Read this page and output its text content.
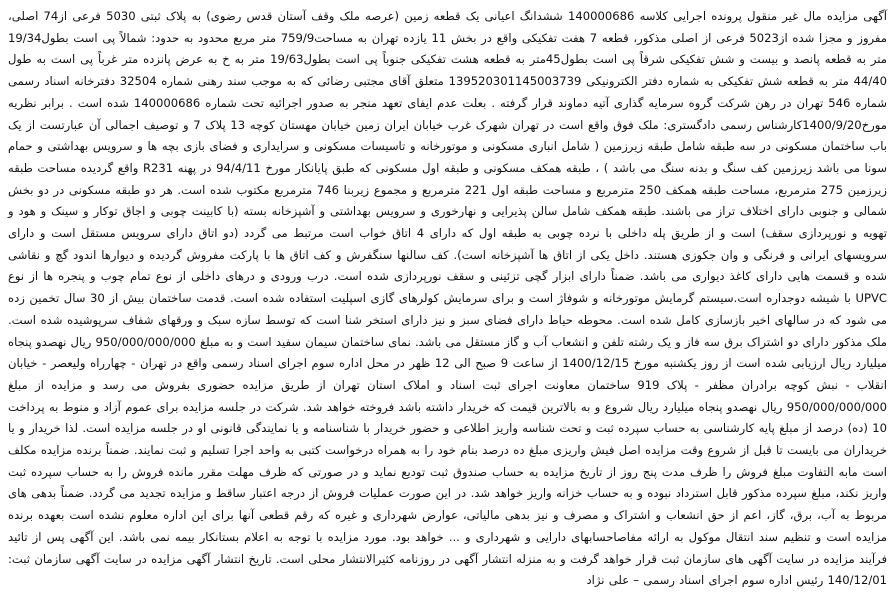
آگهی مزایده مال غیر منقول پرونده اجرایی کلاسه 140000686 ششدانگ اعیانی یک قطعه زمین (عرصه ملک وقف آستان قدس رضوی) به پلاک ثبتی 5030 فرعی از74 اصلی، مفروز و مجزا شده از5023 فرعی از اصلی مذکور، قطعه 7 هفت تفکیکی واقع در بخش 11 یازده تهران به مساحت759/9 متر مربع محدود به حدود: شمالاً پی است بطول19/34 متر به قطعه پانصد و بیست و شش تفکیکی شرقاً پی است بطول45متر به قطعه هشت تفکیکی جنوباً پی است بطول19/63 متر به خ به عرض پانزده متر غرباً پی است به طول 44/40 متر به قطعه شش تفکیکی به شماره دفتر الکترونیکی 139520301145003739 متعلق آقای مجتبی رضائی که به موجب سند رهنی شماره 32504 دفترخانه اسناد رسمی شماره 546 تهران در رهن شرکت گروه سرمایه گذاری آتیه دماوند قرار گرفته . بعلت عدم ایفای تعهد منجر به صدور اجرائیه تحت شماره 140000686 شده است . برابر نظریه مورخ1400/9/20کارشناس رسمی دادگستری: ملک فوق واقع است در تهران شهرک غرب خیابان ایران زمین خیابان مهستان کوچه 13 پلاک 7 و توصیف اجمالی آن عبارتست از یک باب ساختمان مسکونی در سه طبقه شامل طبقه زیرزمین ( شامل انباری مسکونی و موتورخانه و تاسیسات مسکونی و سرایداری و فضای بازی بچه ها و سرویس بهداشتی و حمام سونا می باشد زیرزمین کف سنگ و بدنه سنگ می باشد ) ، طبقه همکف مسکونی و طبقه اول مسکونی که طبق پایانکار مورخ 94/4/11 در پهنه R231 واقع گردیده مساحت طبقه زیرزمین 275 مترمربع، مساحت طبقه همکف 250 مترمربع و مساحت طبقه اول 221 مترمربع و مجموع زیربنا 746 مترمربع مکتوب شده است. هر دو طبقه مسکونی در دو بخش شمالی و جنوبی دارای اختلاف تراز می باشند. طبقه همکف شامل سالن پذیرایی و نهارخوری و سرویس بهداشتی و آشپزخانه بسته (با کابینت چوبی و اجاق توکار و سینک و هود و تهویه و نورپردازی سقف) است و از طریق پله داخلی با نرده چوبی به طبقه اول که دارای 4 اتاق خواب است مرتبط می گردد (دو اتاق دارای سرویس مستقل است و دارای سرویسهای ایرانی و فرنگی و وان جکوزی هستند. داخل یکی از اتاق ها آشپزخانه است). کف سالنها سنگفرش و کف اتاق ها با پارکت مفروش گردیده و دیوارها اندود گچ و نقاشی شده و قسمت هایی دارای کاغذ دیواری می باشد. ضمناً دارای ابزار گچی تزئینی و سقف نورپردازی شده است. درب ورودی و درهای داخلی از نوع تمام چوب و پنجره ها از نوع UPVC با شیشه دوجداره است.سیستم گرمایش موتورخانه و شوفاژ است و برای سرمایش کولرهای گازی اسپلیت استفاده شده است. قدمت ساختمان بیش از 30 سال تخمین زده می شود که در سالهای اخیر بازسازی کامل شده است. محوطه حیاط دارای فضای سبز و نیز دارای استخر شنا است که توسط سازه سبک و ورقهای شفاف سرپوشیده شده است. ملک مذکور دارای دو اشتراک برق سه فاز و یک رشته تلفن و انشعاب آب و گاز مستقل می باشد. نمای ساختمان سیمان سفید است و به مبلغ 950/000/000/000 ریال نهصدو پنجاه میلیارد ریال ارزیابی شده است از روز یکشنبه مورخ 1400/12/15 از ساعت 9 صبح الی 12 ظهر در محل اداره سوم اجرای اسناد رسمی واقع در تهران - چهارراه ولیعصر - خیابان انقلاب - نبش کوچه برادران مظفر - پلاک 919 ساختمان معاونت اجرای ثبت اسناد و املاک استان تهران از طریق مزایده حضوری بفروش می رسد و مزایده از مبلغ 950/000/000/000 ریال نهصدو پنجاه میلیارد ریال شروع و به بالاترین قیمت که خریدار داشته باشد فروخته خواهد شد. شرکت در جلسه مزایده برای عموم آزاد و منوط به پرداخت 10 (ده) درصد از مبلغ پایه کارشناسی به حساب سپرده ثبت و تحت شناسه واریز اطلاعی و حضور خریدار با شناسنامه و یا نمایندگی قانونی او در جلسه مزایده است. لذا خریدار و یا خریداران می بایست تا قبل از شروع وقت مزایده اصل فیش واریزی مبلغ ده درصد بنام خود را به همراه درخواست کتبی به واحد اجرا تسلیم و ثبت نمایند. ضمناً برنده مزایده مکلف است مابه التفاوت مبلغ فروش را ظرف مدت پنج روز از تاریخ مزایده به حساب صندوق ثبت تودیع نماید و در صورتی که ظرف مهلت مقرر مانده فروش را به حساب سپرده ثبت واریز نکند، مبلغ سپرده مذکور قابل استرداد نبوده و به حساب خزانه واریز خواهد شد. در این صورت عملیات فروش از درجه اعتبار ساقط و مزایده تجدید می گردد. ضمناً بدهی های مربوط به آب، برق، گاز، اعم از حق انشعاب و اشتراک و مصرف و نیز بدهی مالیاتی، عوارض شهرداری و غیره که رقم قطعی آنها برای این اداره معلوم نشده است بعهده برنده مزایده است و تنظیم سند انتقال موکول به ارائه مفاصاحسابهای دارایی و شهرداری و ... خواهد بود. مورد مزایده با توجه به اعلام بستانکار بیمه نمی باشد. این آگهی پس از تائید فرآیند مزایده در سایت آگهی های سازمان ثبت قرار خواهد گرفت و به منزله انتشار آگهی در روزنامه کثیرالانتشار محلی است. تاریخ انتشار آگهی مزایده در سایت آگهی سازمان ثبت: 140/12/01 رئیس اداره سوم اجرای اسناد رسمی – علی نژاد
